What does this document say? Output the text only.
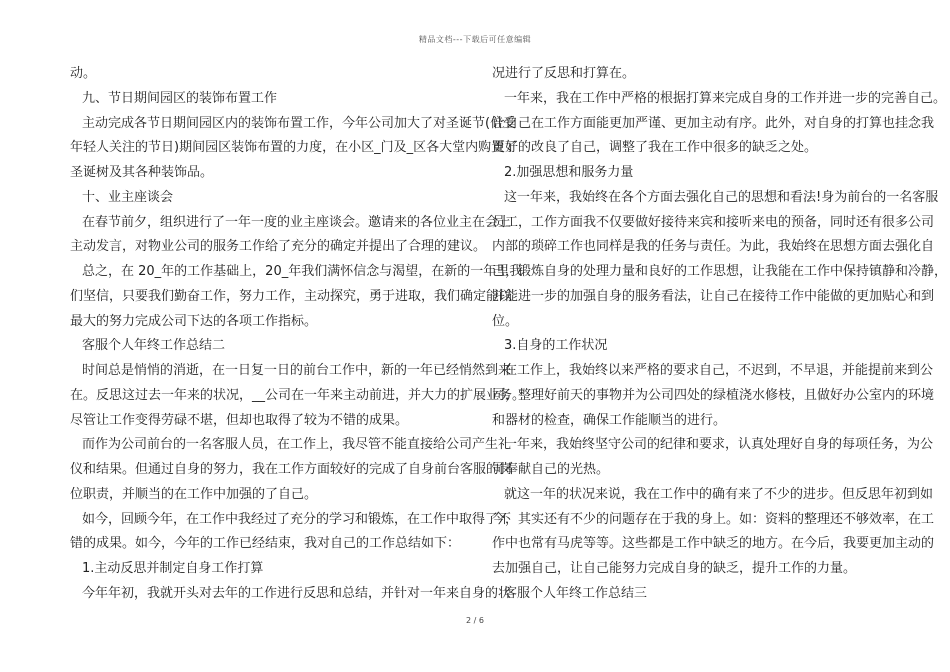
精品文档---下载后可任意编辑
动。
九、节日期间园区的装饰布置工作
主动完成各节日期间园区内的装饰布置工作，今年公司加大了对圣诞节(倍受
年轻人关注的节日)期间园区装饰布置的力度，在小区_门及_区各大堂内购置了
圣诞树及其各种装饰品。
十、业主座谈会
在春节前夕，组织进行了一年一度的业主座谈会。邀请来的各位业主在会上
主动发言，对物业公司的服务工作给了充分的确定并提出了合理的建议。
总之，在 20_年的工作基础上，20_年我们满怀信念与渴望，在新的一年里我
们坚信，只要我们勤奋工作，努力工作，主动探究，勇于进取，我们确定能以
最大的努力完成公司下达的各项工作指标。
客服个人年终工作总结二
时间总是悄悄的消逝，在一日复一日的前台工作中，新的一年已经悄然到来
在。反思这过去一年来的状况，__公司在一年来主动前进，并大力的扩展业务。
尽管让工作变得劳碌不堪，但却也取得了较为不错的成果。
而作为公司前台的一名客服人员，在工作上，我尽管不能直接给公司产生礼
仪和结果。但通过自身的努力，我在工作方面较好的完成了自身前台客服的岗
位职责，并顺当的在工作中加强的了自己。
如今，回顾今年，在工作中我经过了充分的学习和锻炼，在工作中取得了不
错的成果。如今，今年的工作已经结束，我对自己的工作总结如下：
1.主动反思并制定自身工作打算
今年年初，我就开头对去年的工作进行反思和总结，并针对一年来自身的状
况进行了反思和打算在。
一年来，我在工作中严格的根据打算来完成自身的工作并进一步的完善自己。
让自己在工作方面能更加严谨、更加主动有序。此外，对自身的打算也挂念我
更好的改良了自己，调整了我在工作中很多的缺乏之处。
2.加强思想和服务力量
这一年来，我始终在各个方面去强化自己的思想和看法!身为前台的一名客服
员工，工作方面我不仅要做好接待来宾和接听来电的预备，同时还有很多公司
内部的琐碎工作也同样是我的任务与责任。为此，我始终在思想方面去强化自
己，锻炼自身的处理力量和良好的工作思想，让我能在工作中保持镇静和冷静，
并能进一步的加强自身的服务看法，让自己在接待工作中能做的更加贴心和到
位。
3.自身的工作状况
在工作上，我始终以来严格的要求自己，不迟到，不早退，并能提前来到公
司，整理好前天的事物并为公司四处的绿植浇水修枝，且做好办公室内的环境
和器材的检查，确保工作能顺当的进行。
一年来，我始终坚守公司的纪律和要求，认真处理好自身的每项任务，为公
司奉献自己的光热。
就这一年的状况来说，我在工作中的确有来了不少的进步。但反思年初到如
今，其实还有不少的问题存在于我的身上。如：资料的整理还不够效率，在工
作中也常有马虎等等。这些都是工作中缺乏的地方。在今后，我要更加主动的
去加强自己，让自己能努力完成自身的缺乏，提升工作的力量。
客服个人年终工作总结三
2 / 6
